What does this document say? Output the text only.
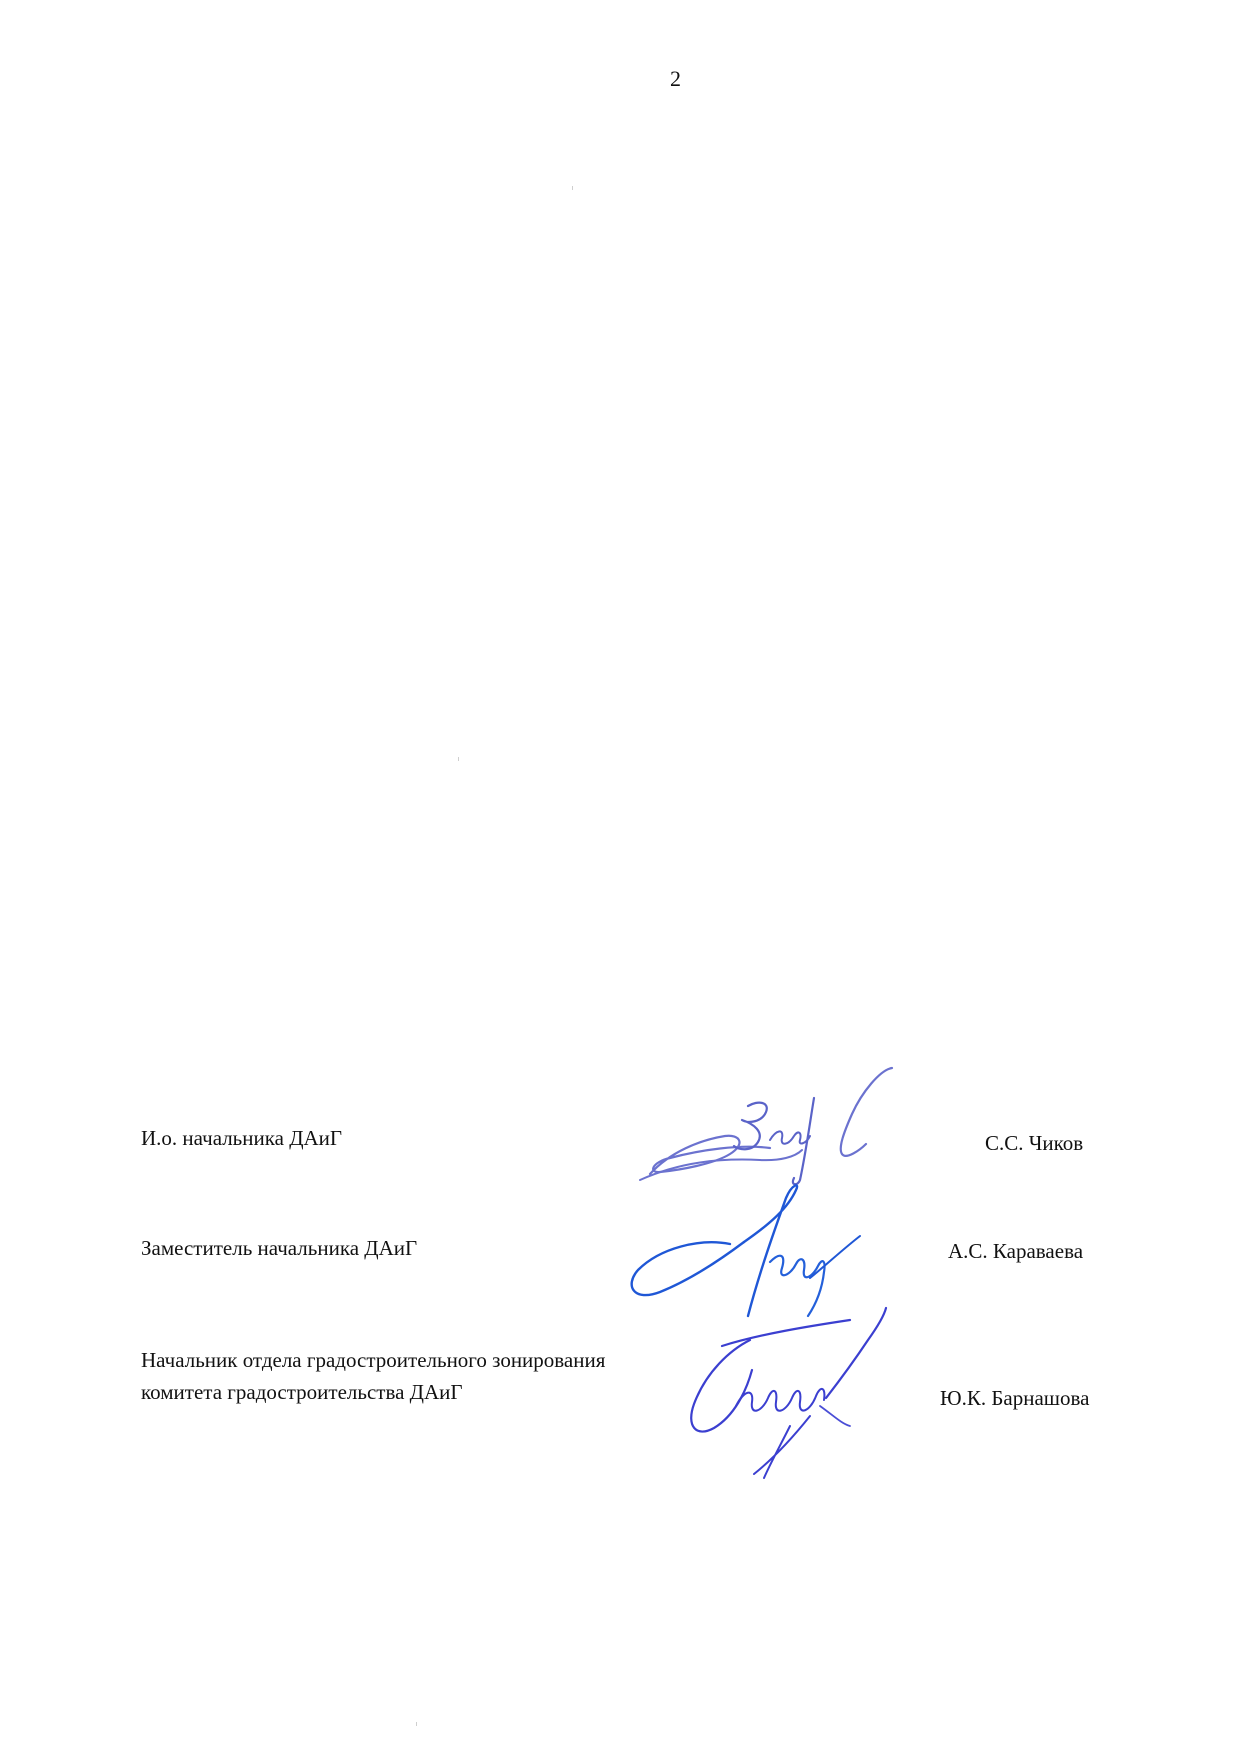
2
И.о. начальника ДАиГ	С.С. Чиков
Заместитель начальника ДАиГ	А.С. Караваева
Начальник отдела градостроительного зонирования
комитета градостроительства ДАиГ	Ю.К. Барнашова
